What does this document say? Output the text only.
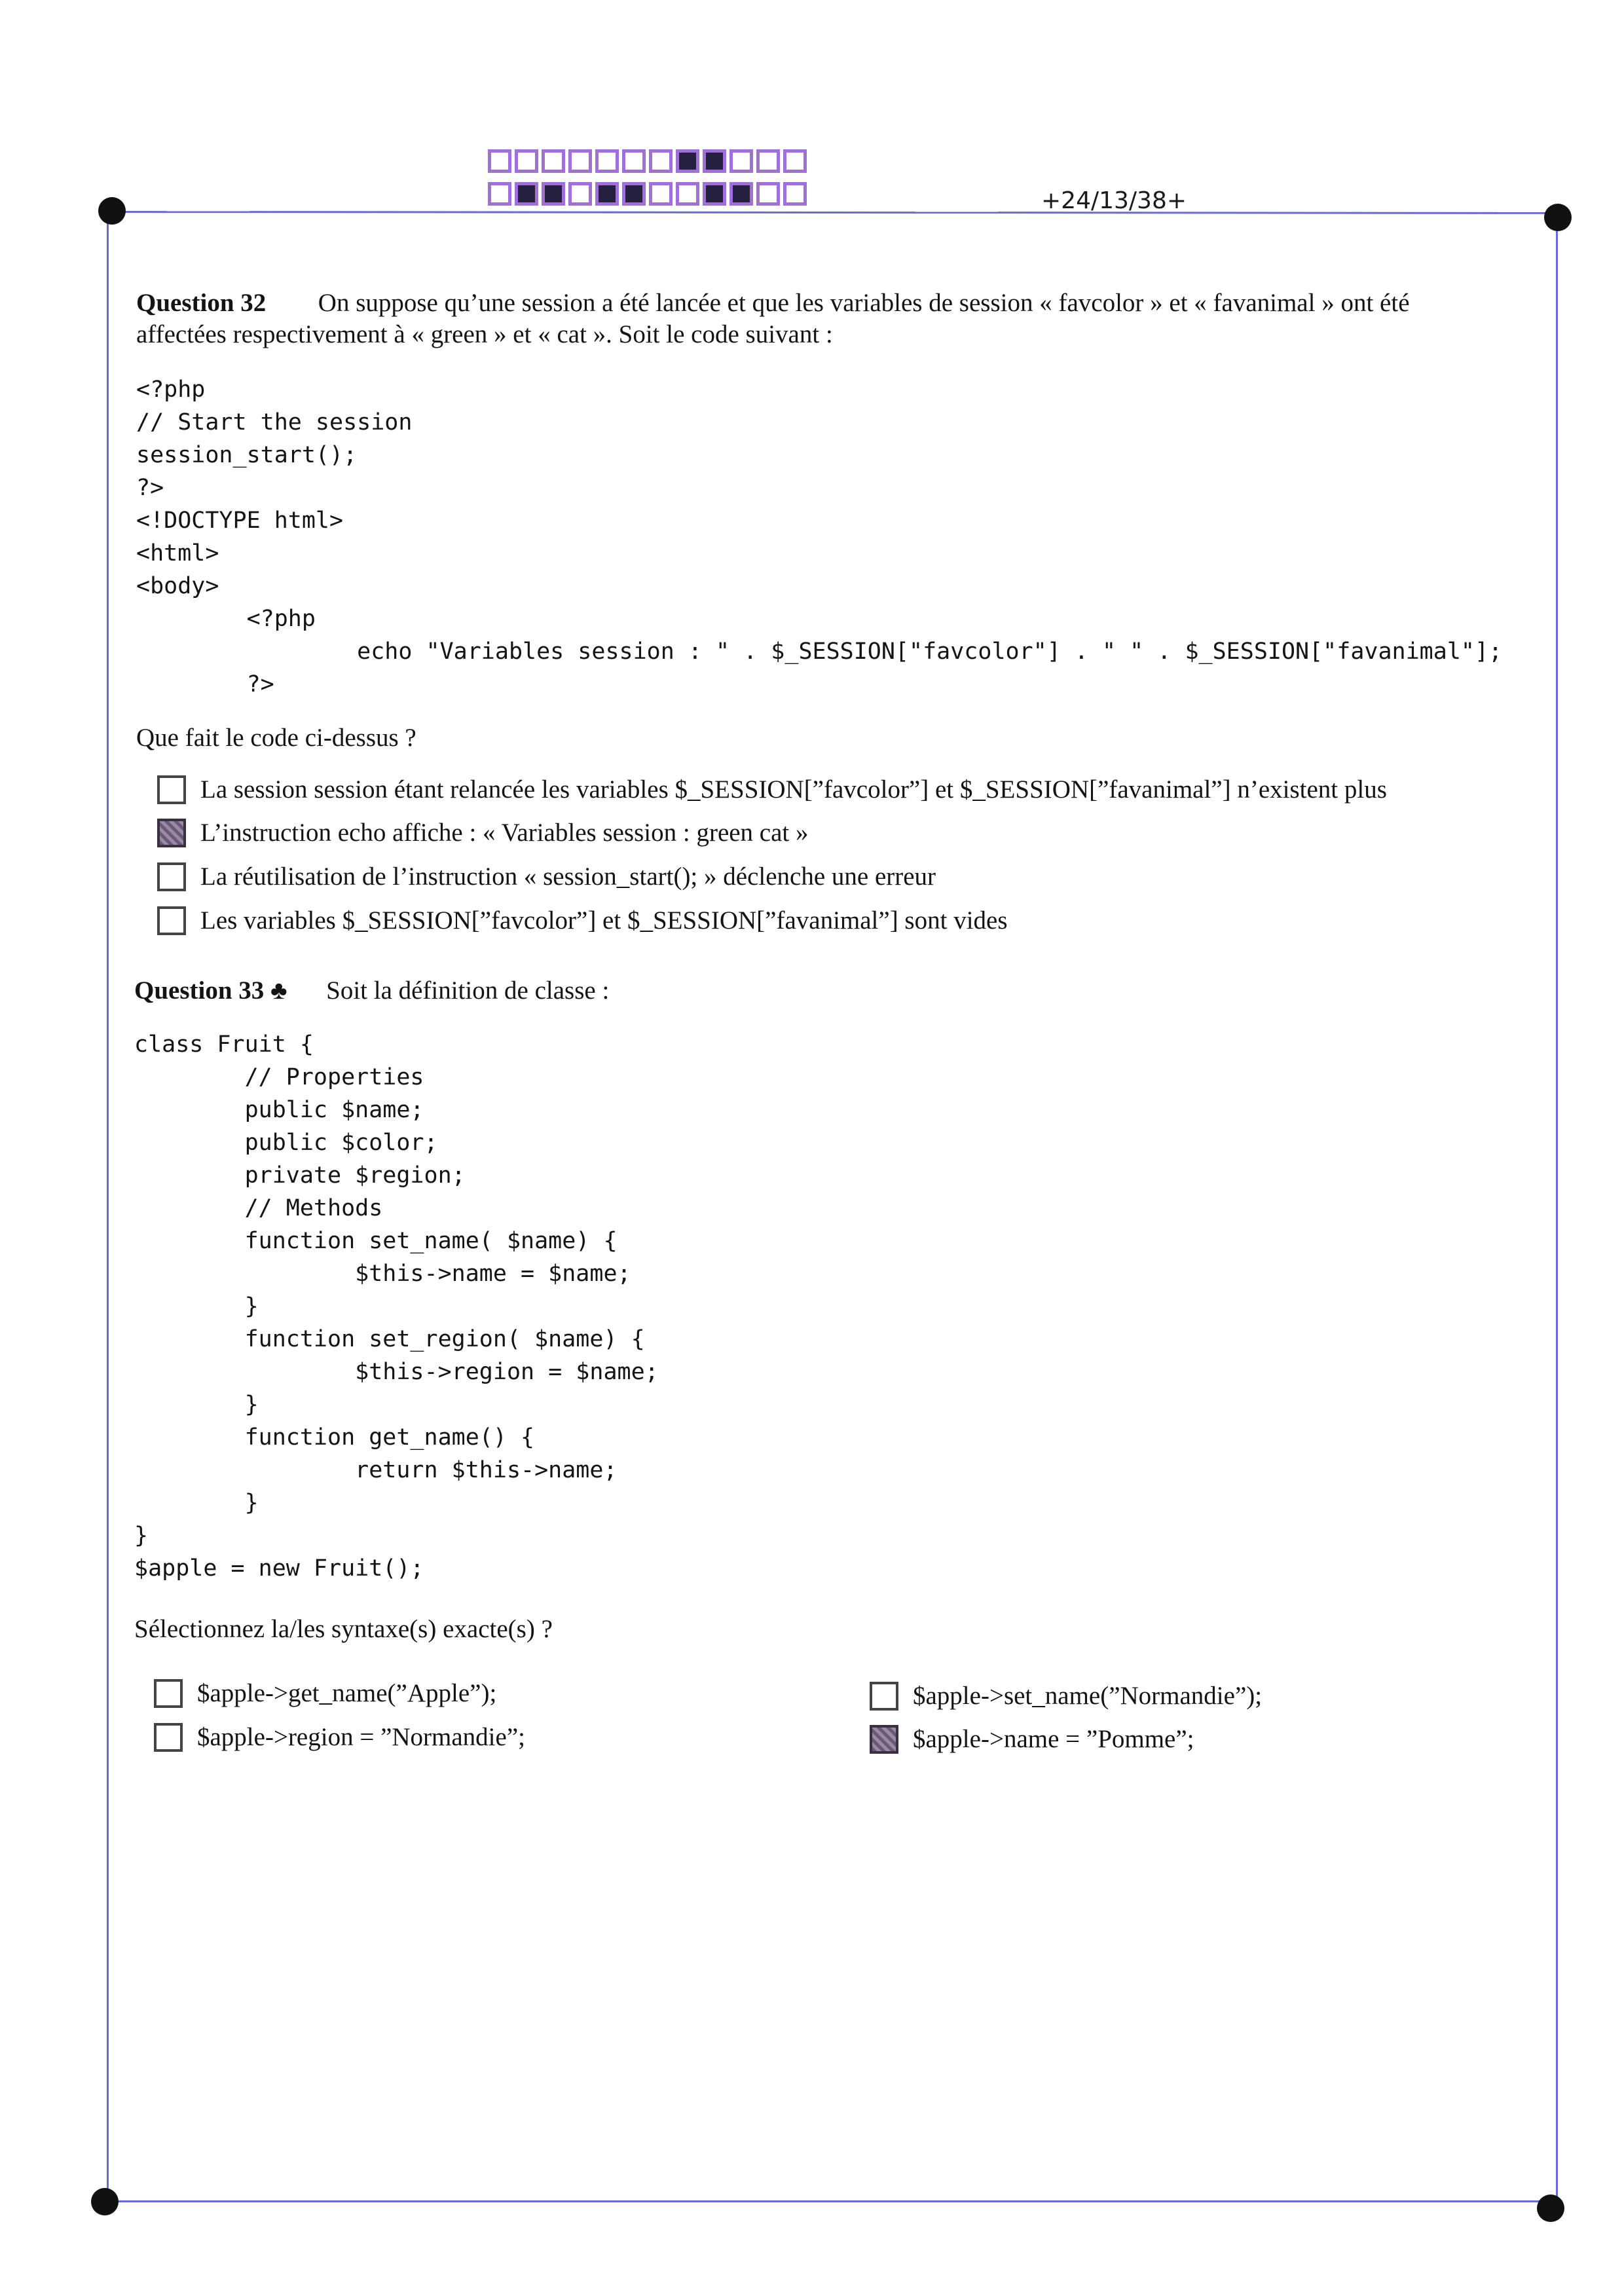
+24/13/38+
Question 32 On suppose qu’une session a été lancée et que les variables de session « favcolor » et « favanimal » ont été
affectées respectivement à « green » et « cat ». Soit le code suivant :
<?php
// Start the session
session_start();
?>
<!DOCTYPE html>
<html>
<body>
<?php
echo "Variables session : " . $_SESSION["favcolor"] . " " . $_SESSION["favanimal"];
?>
Que fait le code ci-dessus ?
La session session étant relancée les variables $_SESSION[”favcolor”] et $_SESSION[”favanimal”] n’existent plus
L’instruction echo affiche : « Variables session : green cat »
La réutilisation de l’instruction « session_start(); » déclenche une erreur
Les variables $_SESSION[”favcolor”] et $_SESSION[”favanimal”] sont vides
Question 33 ♣ Soit la définition de classe :
class Fruit {
// Properties
public $name;
public $color;
private $region;
// Methods
function set_name( $name) {
$this->name = $name;
}
function set_region( $name) {
$this->region = $name;
}
function get_name() {
return $this->name;
}
}
$apple = new Fruit();
Sélectionnez la/les syntaxe(s) exacte(s) ?
$apple->get_name(”Apple”);
$apple->region = ”Normandie”;
$apple->set_name(”Normandie”);
$apple->name = ”Pomme”;
